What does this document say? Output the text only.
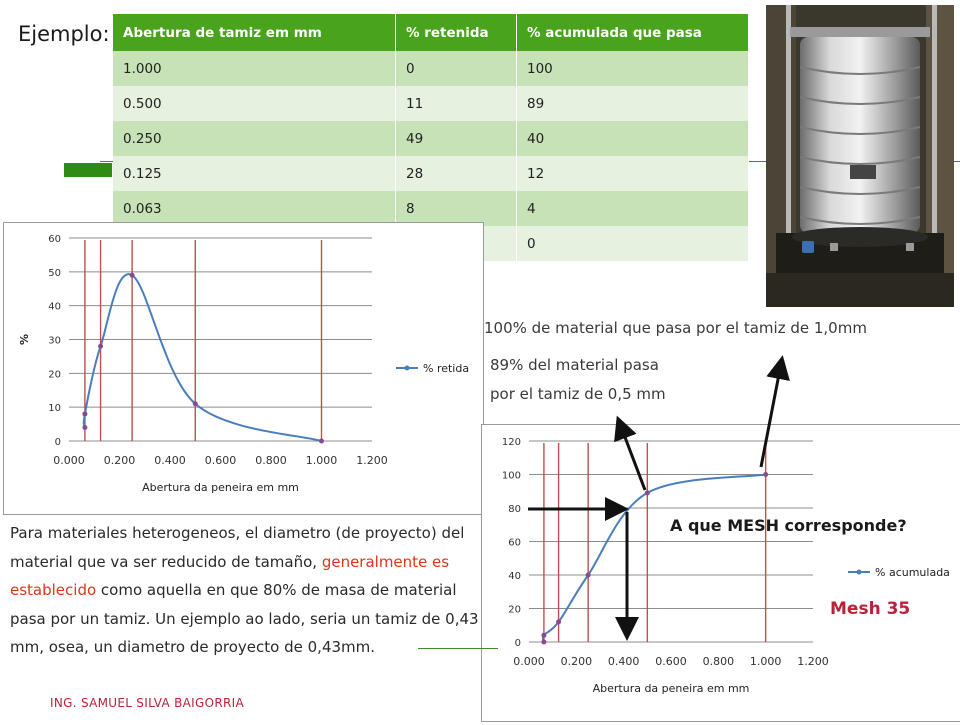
Ejemplo: Abertura de tamiz em mm	% retenida	% acumulada que pasa
1.000	0	100
0.500	11	89
0.250	49	40
0.125	28	12
0.063	8	4
		0
0
10
20
30
40
50
60
0.000 0.200 0.400 0.600 0.800 1.000 1.200
Abertura da peneira em mm
%
% retida
0
20
40
60
80
100
120
0.000 0.200 0.400 0.600 0.800 1.000 1.200
Abertura da peneira em mm
% acumulada
100% de material que pasa por el tamiz de 1,0mm
89% del material pasa
por el tamiz de 0,5 mm
A que MESH corresponde?
Mesh 35
Para materiales heterogeneos, el diametro (de proyecto) del material que va ser reducido de tamaño, generalmente es establecido como aquella en que 80% de masa de material pasa por un tamiz. Un ejemplo ao lado, seria un tamiz de 0,43 mm, osea, un diametro de proyecto de 0,43mm.
ING. SAMUEL SILVA BAIGORRIA
